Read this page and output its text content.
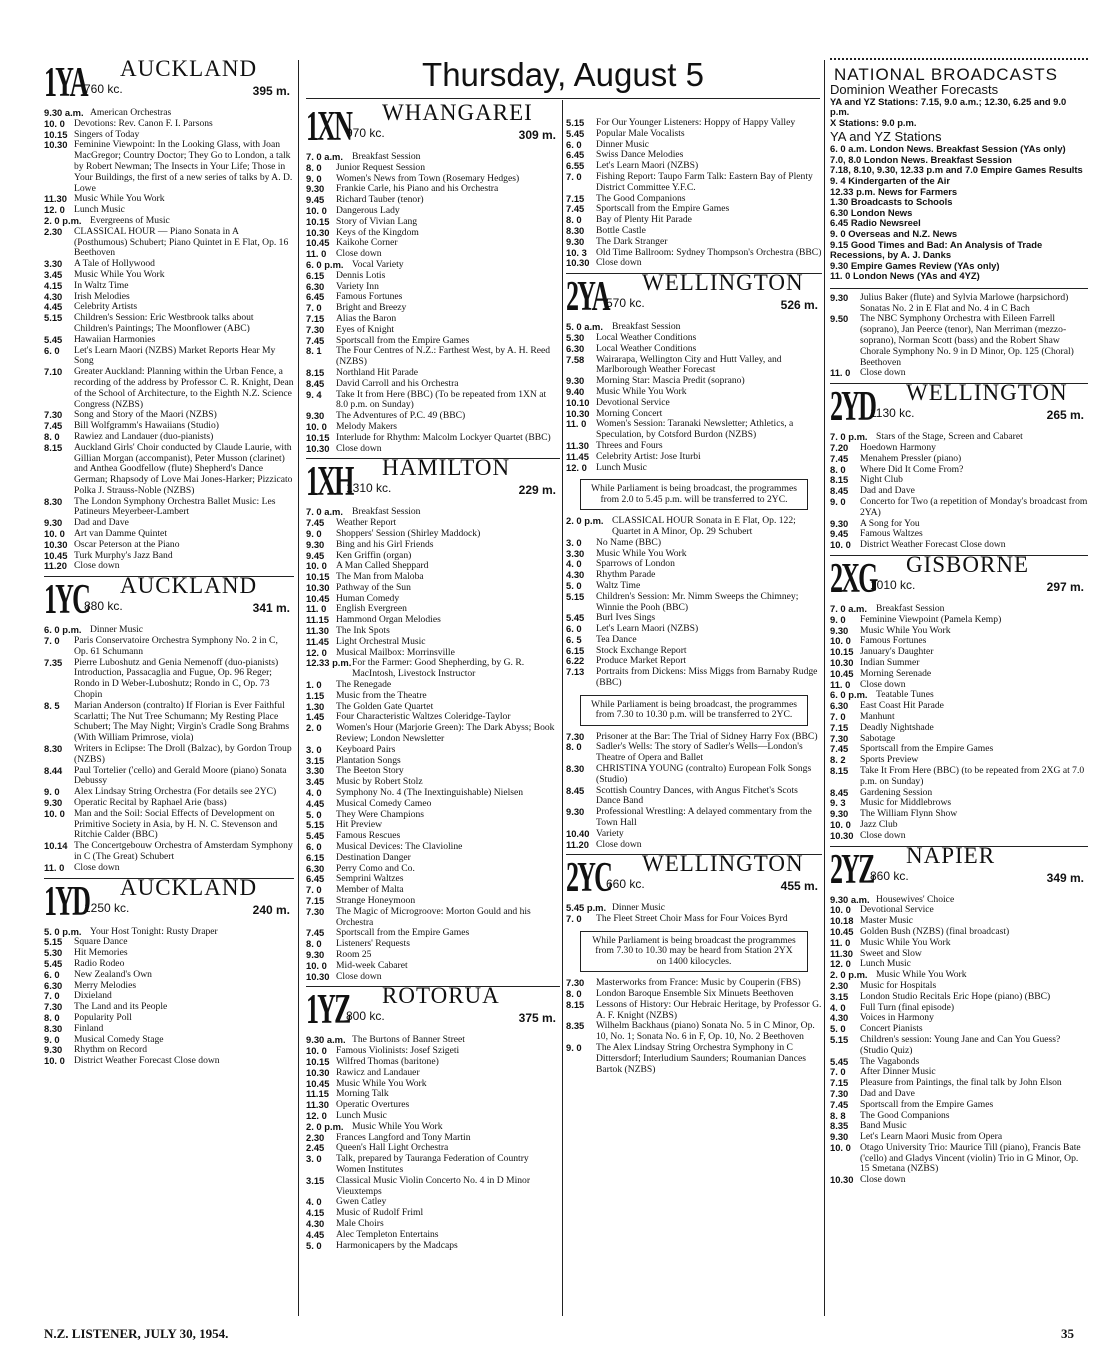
Thursday, August 5
1YA
760 kc.
AUCKLAND
395 m.
9.30 a.m. American Orchestras
10. 0 Devotions: Rev. Canon F. I. Parsons
10.15 Singers of Today
10.30 Feminine Viewpoint: In the Looking Glass, with Joan MacGregor; Country Doctor; They Go to London, a talk by Robert Newman; The Insects in Your Life; Those in Your Buildings, the first of a new series of talks by A. D. Lowe
11.30 Music While You Work
12. 0 Lunch Music
2. 0 p.m. Evergreens of Music
2.30	CLASSICAL HOUR — Piano Sonata in A (Posthumous) Schubert; Piano Quintet in E Flat, Op. 16 Beethoven
3.30	A Tale of Hollywood
3.45	Music While You Work
4.15	In Waltz Time
4.30	Irish Melodies
4.45	Celebrity Artists
5.15	Children's Session: Eric Westbrook talks about Children's Paintings; The Moonflower (ABC)
5.45	Hawaiian Harmonies
6. 0	Let's Learn Maori (NZBS) Market Reports Hear My Song
7.10	Greater Auckland: Planning within the Urban Fence, a recording of the address by Professor C. R. Knight, Dean of the School of Architecture, to the Eighth N.Z. Science Congress (NZBS)
7.30	Song and Story of the Maori (NZBS)
7.45	Bill Wolfgramm's Hawaiians (Studio)
8. 0	Rawiez and Landauer (duo-pianists)
8.15	Auckland Girls' Choir conducted by Claude Laurie, with Gillian Morgan (accompanist), Peter Musson (clarinet) and Anthea Goodfellow (flute) Shepherd's Dance German; Rhapsody of Love Mai Jones-Harker; Pizzicato Polka J. Strauss-Noble (NZBS)
8.30	The London Symphony Orchestra Ballet Music: Les Patineurs Meyerbeer-Lambert
9.30	Dad and Dave
10. 0 Art van Damme Quintet
10.30 Oscar Peterson at the Piano
10.45 Turk Murphy's Jazz Band
11.20 Close down
1YC
880 kc.
AUCKLAND
341 m.
6. 0 p.m. Dinner Music
7. 0	Paris Conservatoire Orchestra Symphony No. 2 in C, Op. 61 Schumann
7.35	Pierre Luboshutz and Genia Nemenoff (duo-pianists) Introduction, Passacaglia and Fugue, Op. 96 Reger; Rondo in D Weber-Luboshutz; Rondo in C, Op. 73 Chopin
8. 5	Marian Anderson (contralto) If Florian is Ever Faithful Scarlatti; The Nut Tree Schumann; My Resting Place Schubert; The May Night; Virgin's Cradle Song Brahms (With William Primrose, viola)
8.30	Writers in Eclipse: The Droll (Balzac), by Gordon Troup (NZBS)
8.44	Paul Tortelier ('cello) and Gerald Moore (piano) Sonata Debussy
9. 0	Alex Lindsay String Orchestra (For details see 2YC)
9.30	Operatic Recital by Raphael Arie (bass)
10. 0 Man and the Soil: Social Effects of Development on Primitive Society in Asia, by H. N. C. Stevenson and Ritchie Calder (BBC)
10.14 The Concertgebouw Orchestra of Amsterdam Symphony in C (The Great) Schubert
11. 0	Close down
1YD
1250 kc.
AUCKLAND
240 m.
5. 0 p.m. Your Host Tonight: Rusty Draper
5.15	Square Dance
5.30	Hit Memories
5.45	Radio Rodeo
6. 0	New Zealand's Own
6.30	Merry Melodies
7. 0	Dixieland
7.30	The Land and its People
8. 0	Popularity Poll
8.30	Finland
9. 0	Musical Comedy Stage
9.30	Rhythm on Record
10. 0 District Weather Forecast Close down
1XN
970 kc.
WHANGAREI
309 m.
7. 0 a.m. Breakfast Session
8. 0	Junior Request Session
9. 0	Women's News from Town (Rosemary Hedges)
9.30	Frankie Carle, his Piano and his Orchestra
9.45	Richard Tauber (tenor)
10. 0 Dangerous Lady
10.15 Story of Vivian Lang
10.30 Keys of the Kingdom
10.45 Kaikohe Corner
11. 0	Close down
6. 0 p.m. Vocal Variety
6.15	Dennis Lotis
6.30	Variety Inn
6.45	Famous Fortunes
7. 0	Bright and Breezy
7.15	Alias the Baron
7.30	Eyes of Knight
7.45	Sportscall from the Empire Games
8. 1	The Four Centres of N.Z.: Farthest West, by A. H. Reed (NZBS)
8.15	Northland Hit Parade
8.45	David Carroll and his Orchestra
9. 4	Take It from Here (BBC) (To be repeated from 1XN at 8.0 p.m. on Sunday)
9.30	The Adventures of P.C. 49 (BBC)
10. 0 Melody Makers
10.15 Interlude for Rhythm: Malcolm Lockyer Quartet (BBC)
10.30 Close down
1XH
1310 kc.
HAMILTON
229 m.
7. 0 a.m. Breakfast Session
7.45	Weather Report
9. 0	Shoppers' Session (Shirley Maddock)
9.30	Bing and his Girl Friends
9.45	Ken Griffin (organ)
10. 0 A Man Called Sheppard
10.15 The Man from Maloba
10.30 Pathway of the Sun
10.45 Human Comedy
11. 0	English Evergreen
11.15 Hammond Organ Melodies
11.30 The Ink Spots
11.45 Light Orchestral Music
12. 0 Musical Mailbox: Morrinsville
12.33 p.m. For the Farmer: Good Shepherding, by G. R. MacIntosh, Livestock Instructor
1. 0	The Renegade
1.15	Music from the Theatre
1.30	The Golden Gate Quartet
1.45	Four Characteristic Waltzes Coleridge-Taylor
2. 0	Women's Hour (Marjorie Green): The Dark Abyss; Book Review; London Newsletter
3. 0	Keyboard Pairs
3.15	Plantation Songs
3.30	The Beeton Story
3.45	Music by Robert Stolz
4. 0	Symphony No. 4 (The Inextinguishable) Nielsen
4.45	Musical Comedy Cameo
5. 0	They Were Champions
5.15	Hit Preview
5.45	Famous Rescues
6. 0	Musical Devices: The Clavioline
6.15	Destination Danger
6.30	Perry Como and Co.
6.45	Semprini Waltzes
7. 0	Member of Malta
7.15	Strange Honeymoon
7.30	The Magic of Microgroove: Morton Gould and his Orchestra
7.45	Sportscall from the Empire Games
8. 0	Listeners' Requests
9.30	Room 25
10. 0 Mid-week Cabaret
10.30 Close down
1YZ
800 kc.
ROTORUA
375 m.
9.30 a.m. The Burtons of Banner Street
10. 0 Famous Violinists: Josef Szigeti
10.15 Wilfred Thomas (baritone)
10.30 Rawicz and Landauer
10.45 Music While You Work
11.15 Morning Talk
11.30 Operatic Overtures
12. 0 Lunch Music
2. 0 p.m. Music While You Work
2.30	Frances Langford and Tony Martin
2.45	Queen's Hall Light Orchestra
3. 0	Talk, prepared by Tauranga Federation of Country Women Institutes
3.15	Classical Music Violin Concerto No. 4 in D Minor Vieuxtemps
4. 0	Gwen Catley
4.15	Music of Rudolf Friml
4.30	Male Choirs
4.45	Alec Templeton Entertains
5. 0	Harmonicapers by the Madcaps
5.15	For Our Younger Listeners: Hoppy of Happy Valley
5.45	Popular Male Vocalists
6. 0	Dinner Music
6.45	Swiss Dance Melodies
6.55	Let's Learn Maori (NZBS)
7. 0	Fishing Report: Taupo Farm Talk: Eastern Bay of Plenty District Committee Y.F.C.
7.15	The Good Companions
7.45	Sportscall from the Empire Games
8. 0	Bay of Plenty Hit Parade
8.30	Bottle Castle
9.30	The Dark Stranger
10. 3 Old Time Ballroom: Sydney Thompson's Orchestra (BBC)
10.30 Close down
2YA
570 kc.
WELLINGTON
526 m.
5. 0 a.m. Breakfast Session
5.30	Local Weather Conditions
6.30	Local Weather Conditions
7.58	Wairarapa, Wellington City and Hutt Valley, and Marlborough Weather Forecast
9.30	Morning Star: Mascia Predit (soprano)
9.40	Music While You Work
10.10 Devotional Service
10.30 Morning Concert
11. 0	Women's Session: Taranaki Newsletter; Athletics, a Speculation, by Cotsford Burdon (NZBS)
11.30 Threes and Fours
11.45 Celebrity Artist: Jose Iturbi
12. 0 Lunch Music
While Parliament is being broadcast, the programmes from 2.0 to 5.45 p.m. will be transferred to 2YC.
2. 0 p.m. CLASSICAL HOUR Sonata in E Flat, Op. 122; Quartet in A Minor, Op. 29 Schubert
3. 0	No Name (BBC)
3.30	Music While You Work
4. 0	Sparrows of London
4.30	Rhythm Parade
5. 0	Waltz Time
5.15	Children's Session: Mr. Nimm Sweeps the Chimney; Winnie the Pooh (BBC)
5.45	Burl Ives Sings
6. 0	Let's Learn Maori (NZBS)
6. 5	Tea Dance
6.15	Stock Exchange Report
6.22	Produce Market Report
7.13	Portraits from Dickens: Miss Miggs from Barnaby Rudge (BBC)
While Parliament is being broadcast, the programmes from 7.30 to 10.30 p.m. will be transferred to 2YC.
7.30	Prisoner at the Bar: The Trial of Sidney Harry Fox (BBC)
8. 0	Sadler's Wells: The story of Sadler's Wells—London's Theatre of Opera and Ballet
8.30	CHRISTINA YOUNG (contralto) European Folk Songs (Studio)
8.45	Scottish Country Dances, with Angus Fitchet's Scots Dance Band
9.30	Professional Wrestling: A delayed commentary from the Town Hall
10.40 Variety
11.20 Close down
2YC
660 kc.
WELLINGTON
455 m.
5.45 p.m. Dinner Music
7. 0	The Fleet Street Choir Mass for Four Voices Byrd
While Parliament is being broadcast the programmes from 7.30 to 10.30 may be heard from Station 2YX on 1400 kilocycles.
7.30	Masterworks from France: Music by Couperin (FBS)
8. 0	London Baroque Ensemble Six Minuets Beethoven
8.15	Lessons of History: Our Hebraic Heritage, by Professor G. A. F. Knight (NZBS)
8.35	Wilhelm Backhaus (piano) Sonata No. 5 in C Minor, Op. 10, No. 1; Sonata No. 6 in F, Op. 10, No. 2 Beethoven
9. 0	The Alex Lindsay String Orchestra Symphony in C Dittersdorf; Interludium Saunders; Roumanian Dances Bartok (NZBS)
NATIONAL BROADCASTS
Dominion Weather Forecasts
YA and YZ Stations: 7.15, 9.0 a.m.; 12.30, 6.25 and 9.0 p.m.
X Stations: 9.0 p.m.
YA and YZ Stations
6. 0 a.m. London News. Breakfast Session (YAs only)
7.0, 8.0 London News. Breakfast Session
7.18, 8.10, 9.30, 12.33 p.m and 7.0 Empire Games Results
9. 4 Kindergarten of the Air
12.33 p.m. News for Farmers
1.30 Broadcasts to Schools
6.30 London News
6.45 Radio Newsreel
9. 0 Overseas and N.Z. News
9.15 Good Times and Bad: An Analysis of Trade Recessions, by A. J. Danks
9.30 Empire Games Review (YAs only)
11. 0 London News (YAs and 4YZ)
9.30	Julius Baker (flute) and Sylvia Marlowe (harpsichord) Sonatas No. 2 in E Flat and No. 4 in C Bach
9.50	The NBC Symphony Orchestra with Eileen Farrell (soprano), Jan Peerce (tenor), Nan Merriman (mezzo-soprano), Norman Scott (bass) and the Robert Shaw Chorale Symphony No. 9 in D Minor, Op. 125 (Choral) Beethoven
11. 0	Close down
2YD
1130 kc.
WELLINGTON
265 m.
7. 0 p.m. Stars of the Stage, Screen and Cabaret
7.20	Hoedown Harmony
7.45	Menahem Pressler (piano)
8. 0	Where Did It Come From?
8.15	Night Club
8.45	Dad and Dave
9. 0	Concerto for Two (a repetition of Monday's broadcast from 2YA)
9.30	A Song for You
9.45	Famous Waltzes
10. 0 District Weather Forecast Close down
2XG
1010 kc.
GISBORNE
297 m.
7. 0 a.m. Breakfast Session
9. 0	Feminine Viewpoint (Pamela Kemp)
9.30	Music While You Work
10. 0 Famous Fortunes
10.15 January's Daughter
10.30 Indian Summer
10.45 Morning Serenade
11. 0	Close down
6. 0 p.m. Teatable Tunes
6.30	East Coast Hit Parade
7. 0	Manhunt
7.15	Deadly Nightshade
7.30	Sabotage
7.45	Sportscall from the Empire Games
8. 2	Sports Preview
8.15	Take It From Here (BBC) (to be repeated from 2XG at 7.0 p.m. on Sunday)
8.45	Gardening Session
9. 3	Music for Middlebrows
9.30	The William Flynn Show
10. 0 Jazz Club
10.30 Close down
2YZ
860 kc.
NAPIER
349 m.
9.30 a.m. Housewives' Choice
10. 0 Devotional Service
10.18 Master Music
10.45 Golden Bush (NZBS) (final broadcast)
11. 0	Music While You Work
11.30 Sweet and Slow
12. 0 Lunch Music
2. 0 p.m. Music While You Work
2.30	Music for Hospitals
3.15	London Studio Recitals Eric Hope (piano) (BBC)
4. 0	Full Turn (final episode)
4.30	Voices in Harmony
5. 0	Concert Pianists
5.15	Children's session: Young Jane and Can You Guess? (Studio Quiz)
5.45	The Vagabonds
7. 0	After Dinner Music
7.15	Pleasure from Paintings, the final talk by John Elson
7.30	Dad and Dave
7.45	Sportscall from the Empire Games
8. 8	The Good Companions
8.35	Band Music
9.30	Let's Learn Maori Music from Opera
10. 0 Otago University Trio: Maurice Till (piano), Francis Bate ('cello) and Gladys Vincent (violin) Trio in G Minor, Op. 15 Smetana (NZBS)
10.30 Close down
N.Z. LISTENER, JULY 30, 1954.	35
